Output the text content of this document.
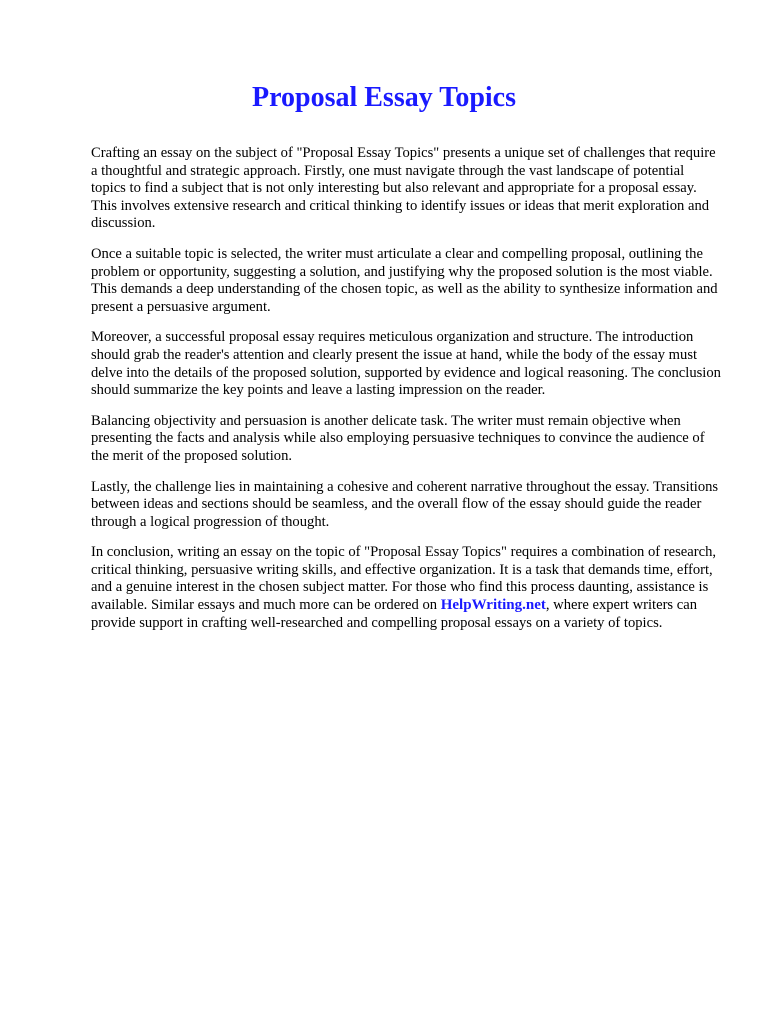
Proposal Essay Topics

Crafting an essay on the subject of "Proposal Essay Topics" presents a unique set of challenges that require a thoughtful and strategic approach. Firstly, one must navigate through the vast landscape of potential topics to find a subject that is not only interesting but also relevant and appropriate for a proposal essay. This involves extensive research and critical thinking to identify issues or ideas that merit exploration and discussion.

Once a suitable topic is selected, the writer must articulate a clear and compelling proposal, outlining the problem or opportunity, suggesting a solution, and justifying why the proposed solution is the most viable. This demands a deep understanding of the chosen topic, as well as the ability to synthesize information and present a persuasive argument.

Moreover, a successful proposal essay requires meticulous organization and structure. The introduction should grab the reader's attention and clearly present the issue at hand, while the body of the essay must delve into the details of the proposed solution, supported by evidence and logical reasoning. The conclusion should summarize the key points and leave a lasting impression on the reader.

Balancing objectivity and persuasion is another delicate task. The writer must remain objective when presenting the facts and analysis while also employing persuasive techniques to convince the audience of the merit of the proposed solution.

Lastly, the challenge lies in maintaining a cohesive and coherent narrative throughout the essay. Transitions between ideas and sections should be seamless, and the overall flow of the essay should guide the reader through a logical progression of thought.

In conclusion, writing an essay on the topic of "Proposal Essay Topics" requires a combination of research, critical thinking, persuasive writing skills, and effective organization. It is a task that demands time, effort, and a genuine interest in the chosen subject matter. For those who find this process daunting, assistance is available. Similar essays and much more can be ordered on HelpWriting.net, where expert writers can provide support in crafting well-researched and compelling proposal essays on a variety of topics.
